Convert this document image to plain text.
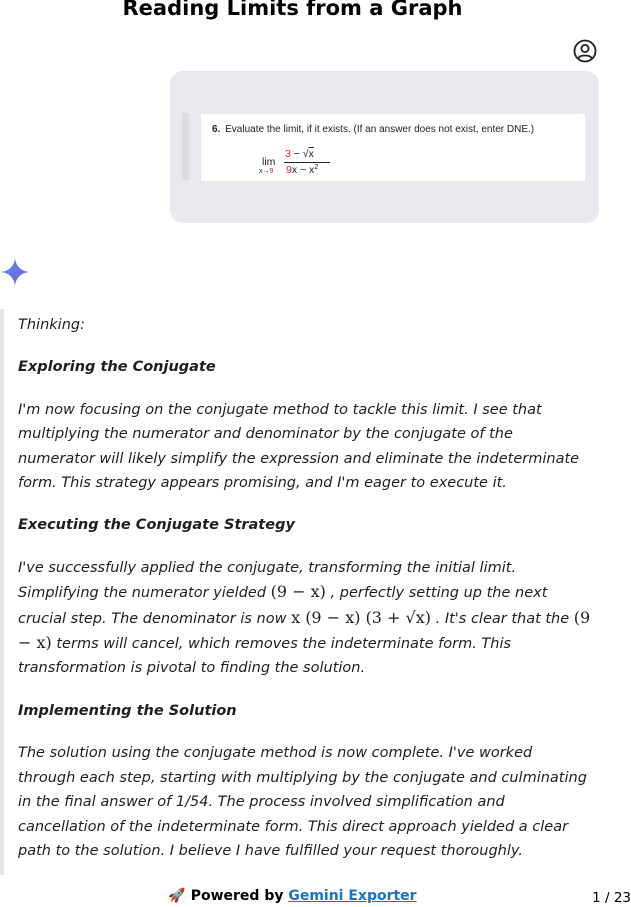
Reading Limits from a Graph
6. Evaluate the limit, if it exists. (If an answer does not exist, enter DNE.)
lim
x→9
3 − √x
$9x - x^2$

Thinking:

Exploring the Conjugate

I'm now focusing on the conjugate method to tackle this limit. I see that multiplying the numerator and denominator by the conjugate of the numerator will likely simplify the expression and eliminate the indeterminate form. This strategy appears promising, and I'm eager to execute it.

Executing the Conjugate Strategy

I've successfully applied the conjugate, transforming the initial limit. Simplifying the numerator yielded (9 − x) , perfectly setting up the next crucial step. The denominator is now x (9 − x) (3 + √x) . It's clear that the (9 − x) terms will cancel, which removes the indeterminate form. This transformation is pivotal to finding the solution.

Implementing the Solution

The solution using the conjugate method is now complete. I've worked through each step, starting with multiplying by the conjugate and culminating in the final answer of 1/54. The process involved simplification and cancellation of the indeterminate form. This direct approach yielded a clear path to the solution. I believe I have fulfilled your request thoroughly.

🚀 Powered by Gemini Exporter	1 / 23
